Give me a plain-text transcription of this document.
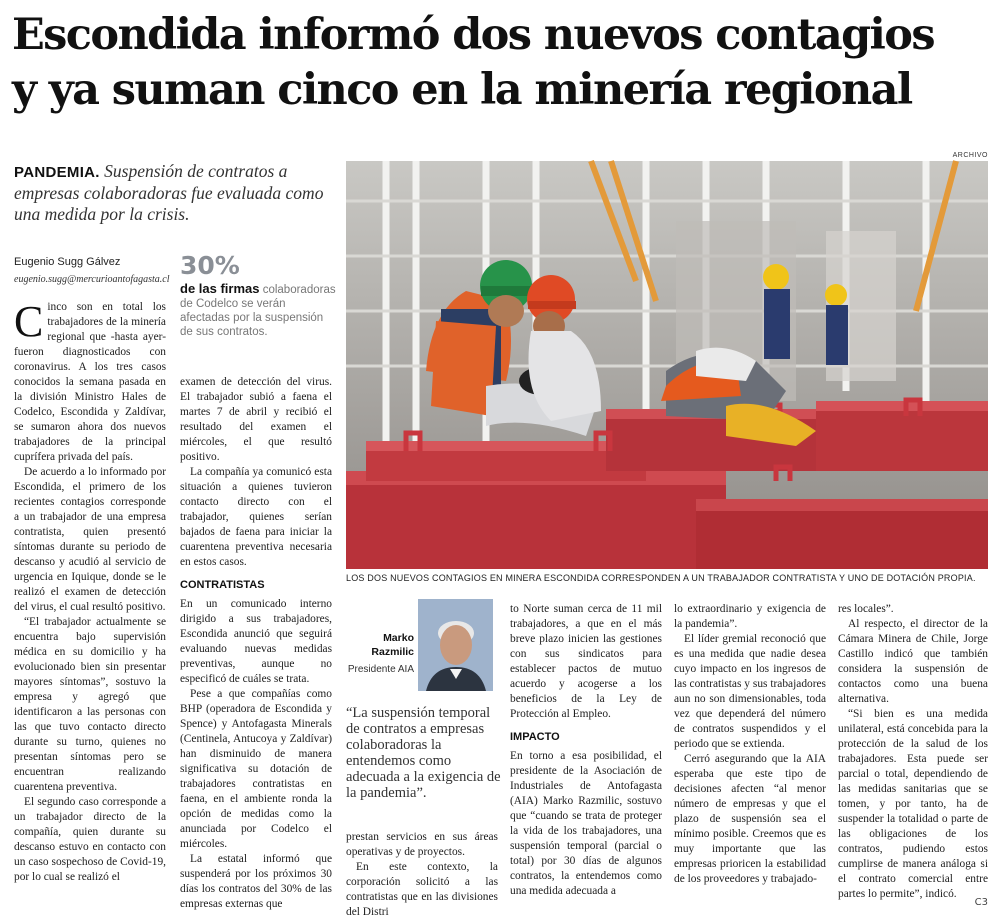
Escondida informó dos nuevos contagios
y ya suman cinco en la minería regional
PANDEMIA. Suspensión de contratos a empresas colaboradoras fue evaluada como una medida por la crisis.
Eugenio Sugg Gálvez
eugenio.sugg@mercurioantofagasta.cl 30%
de las firmas colaboradoras de Codelco se verán afectadas por la suspensión de sus contratos.
ARCHIVO
LOS DOS NUEVOS CONTAGIOS EN MINERA ESCONDIDA CORRESPONDEN A UN TRABAJADOR CONTRATISTA Y UNO DE DOTACIÓN PROPIA.
C inco son en total los trabajadores de la minería regional que -hasta ayer- fueron diagnosticados con coronavirus. A los tres casos conocidos la semana pasada en la división Ministro Hales de Codelco, Escondida y Zaldívar, se sumaron ahora dos nuevos trabajadores de la principal cuprífera privada del país.

De acuerdo a lo informado por Escondida, el primero de los recientes contagios corresponde a un trabajador de una empresa contratista, quien presentó síntomas durante su periodo de descanso y acudió al servicio de urgencia en Iquique, donde se le realizó el examen de detección del virus, el cual resultó positivo.

“El trabajador actualmente se encuentra bajo supervisión médica en su domicilio y ha evolucionado bien sin presentar mayores síntomas”, sostuvo la empresa y agregó que identificaron a las personas con las que tuvo contacto directo durante su turno, quienes no presentan síntomas pero se encuentran realizando cuarentena preventiva.

El segundo caso corresponde a un trabajador directo de la compañía, quien durante su descanso estuvo en contacto con un caso sospechoso de Covid-19, por lo cual se realizó el

examen de detección del virus. El trabajador subió a faena el martes 7 de abril y recibió el resultado del examen el miércoles, el que resultó positivo.

La compañía ya comunicó esta situación a quienes tuvieron contacto directo con el trabajador, quienes serían bajados de faena para iniciar la cuarentena preventiva necesaria en estos casos.

CONTRATISTAS

En un comunicado interno dirigido a sus trabajadores, Escondida anunció que seguirá evaluando nuevas medidas preventivas, aunque no especificó de cuáles se trata.

Pese a que compañías como BHP (operadora de Escondida y Spence) y Antofagasta Minerals (Centinela, Antucoya y Zaldívar) han disminuido de manera significativa su dotación de trabajadores contratistas en faena, en el ambiente ronda la opción de medidas como la anunciada por Codelco el miércoles.

La estatal informó que suspenderá por los próximos 30 días los contratos del 30% de las empresas externas que

Marko Razmilic
Presidente AIA
“La suspensión temporal de contratos a empresas colaboradoras la entendemos como adecuada a la exigencia de la pandemia”.

prestan servicios en sus áreas operativas y de proyectos.

En este contexto, la corporación solicitó a las contratistas que en las divisiones del Distri

to Norte suman cerca de 11 mil trabajadores, a que en el más breve plazo inicien las gestiones con sus sindicatos para establecer pactos de mutuo acuerdo y acogerse a los beneficios de la Ley de Protección al Empleo.

IMPACTO

En torno a esa posibilidad, el presidente de la Asociación de Industriales de Antofagasta (AIA) Marko Razmilic, sostuvo que “cuando se trata de proteger la vida de los trabajadores, una suspensión temporal (parcial o total) por 30 días de algunos contratos, la entendemos como una medida adecuada a

lo extraordinario y exigencia de la pandemia”.

El líder gremial reconoció que es una medida que nadie desea cuyo impacto en los ingresos de las contratistas y sus trabajadores aun no son dimensionables, toda vez que dependerá del número de contratos suspendidos y el periodo que se extienda.

Cerró asegurando que la AIA esperaba que este tipo de decisiones afecten “al menor número de empresas y que el plazo de suspensión sea el mínimo posible. Creemos que es muy importante que las empresas prioricen la estabilidad de los proveedores y trabajado-

res locales”.

Al respecto, el director de la Cámara Minera de Chile, Jorge Castillo indicó que también considera la suspensión de contactos como una buena alternativa.

“Si bien es una medida unilateral, está concebida para la protección de la salud de los trabajadores. Esta puede ser parcial o total, dependiendo de las medidas sanitarias que se tomen, y por tanto, ha de suspender la totalidad o parte de las obligaciones de los contratos, pudiendo estos cumplirse de manera análoga si el contrato comercial entre partes lo permite”, indicó.

C3
